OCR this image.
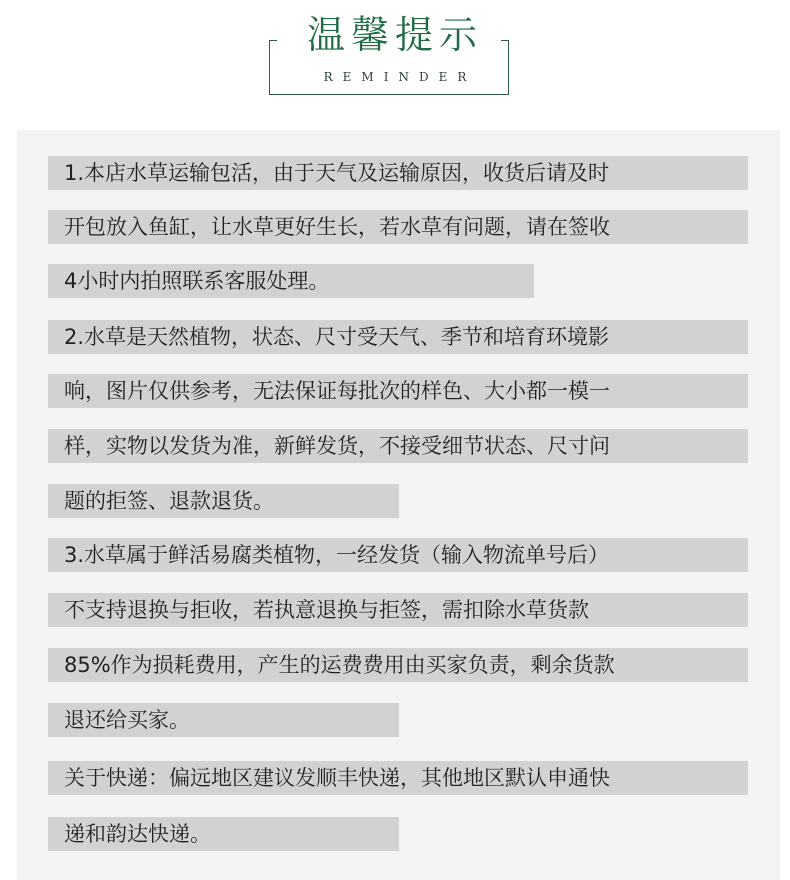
温馨提示
REMINDER
1.本店水草运输包活，由于天气及运输原因，收货后请及时
开包放入鱼缸，让水草更好生长，若水草有问题，请在签收
4小时内拍照联系客服处理。
2.水草是天然植物，状态、尺寸受天气、季节和培育环境影
响，图片仅供参考，无法保证每批次的样色、大小都一模一
样，实物以发货为准，新鲜发货，不接受细节状态、尺寸问
题的拒签、退款退货。
3.水草属于鲜活易腐类植物，一经发货（输入物流单号后）
不支持退换与拒收，若执意退换与拒签，需扣除水草货款
85%作为损耗费用，产生的运费费用由买家负责，剩余货款
退还给买家。
关于快递：偏远地区建议发顺丰快递，其他地区默认申通快
递和韵达快递。
